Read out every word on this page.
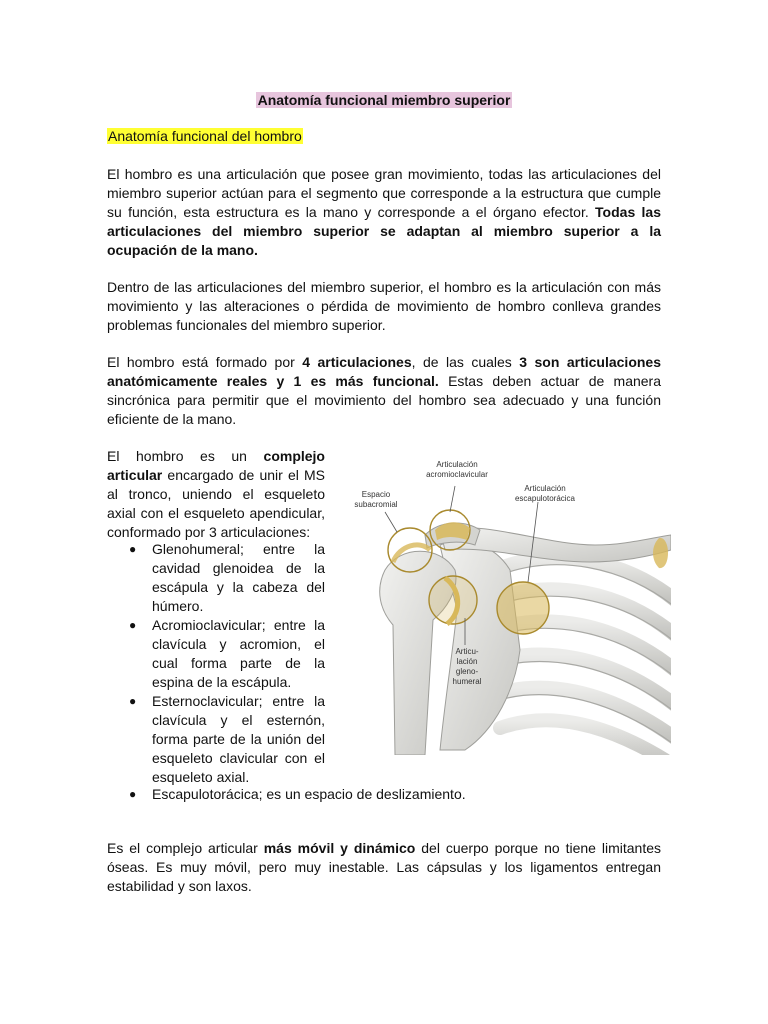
Anatomía funcional miembro superior
Anatomía funcional del hombro

El hombro es una articulación que posee gran movimiento, todas las articulaciones del miembro superior actúan para el segmento que corresponde a la estructura que cumple su función, esta estructura es la mano y corresponde a el órgano efector. Todas las articulaciones del miembro superior se adaptan al miembro superior a la ocupación de la mano.

Dentro de las articulaciones del miembro superior, el hombro es la articulación con más movimiento y las alteraciones o pérdida de movimiento de hombro conlleva grandes problemas funcionales del miembro superior.

El hombro está formado por 4 articulaciones, de las cuales 3 son articulaciones anatómicamente reales y 1 es más funcional. Estas deben actuar de manera sincrónica para permitir que el movimiento del hombro sea adecuado y una función eficiente de la mano.

El hombro es un complejo articular encargado de unir el MS al tronco, uniendo el esqueleto axial con el esqueleto apendicular, conformado por 3 articulaciones:

● Glenohumeral; entre la cavidad glenoidea de la escápula y la cabeza del húmero.
● Acromioclavicular; entre la clavícula y acromion, el cual forma parte de la espina de la escápula.
● Esternoclavicular; entre la clavícula y el esternón, forma parte de la unión del esqueleto clavicular con el esqueleto axial.
● Escapulotorácica; es un espacio de deslizamiento.

Es el complejo articular más móvil y dinámico del cuerpo porque no tiene limitantes óseas. Es muy móvil, pero muy inestable. Las cápsulas y los ligamentos entregan estabilidad y son laxos.

Articulación
acromioclavicular
Espacio
subacromial
Articulación
escapulotorácica
Articu-
lación
gleno-
humeral
